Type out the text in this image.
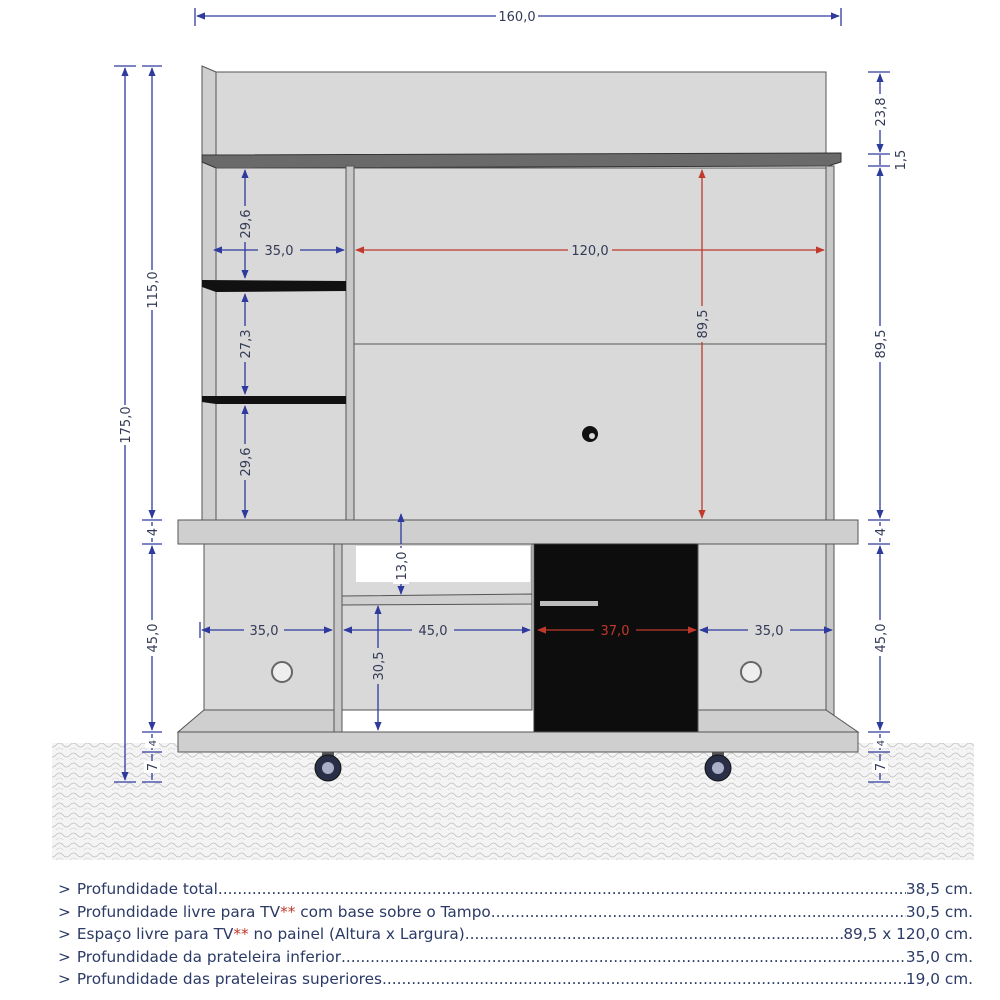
160,0
35,0	120,0
35,0	45,0	37,0	35,0
175,0
115,0
4
45,0
4
7
29,6
27,3
29,6
89,5
13,0
30,5
23,8
1,5
89,5
4
45,0
4
7
> Profundidade total .....	38,5 cm.
> Profundidade livre para TV ** com base sobre o Tampo .....	30,5 cm.
> Espaço livre para TV ** no painel (Altura x Largura) .....	89,5 x 120,0 cm.
> Profundidade da prateleira inferior .....	35,0 cm.
> Profundidade das prateleiras superiores .....	19,0 cm.
